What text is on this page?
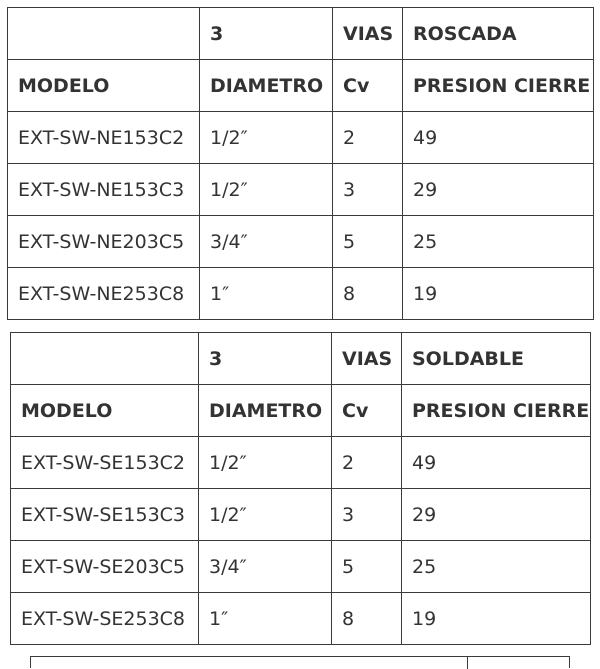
	3	VIAS	ROSCADA
MODELO	DIAMETRO	Cv	PRESION CIERRE
EXT-SW-NE153C2	1/2″	2	49
EXT-SW-NE153C3	1/2″	3	29
EXT-SW-NE203C5	3/4″	5	25
EXT-SW-NE253C8	1″	8	19
	3	VIAS	SOLDABLE
MODELO	DIAMETRO	Cv	PRESION CIERRE
EXT-SW-SE153C2	1/2″	2	49
EXT-SW-SE153C3	1/2″	3	29
EXT-SW-SE203C5	3/4″	5	25
EXT-SW-SE253C8	1″	8	19
